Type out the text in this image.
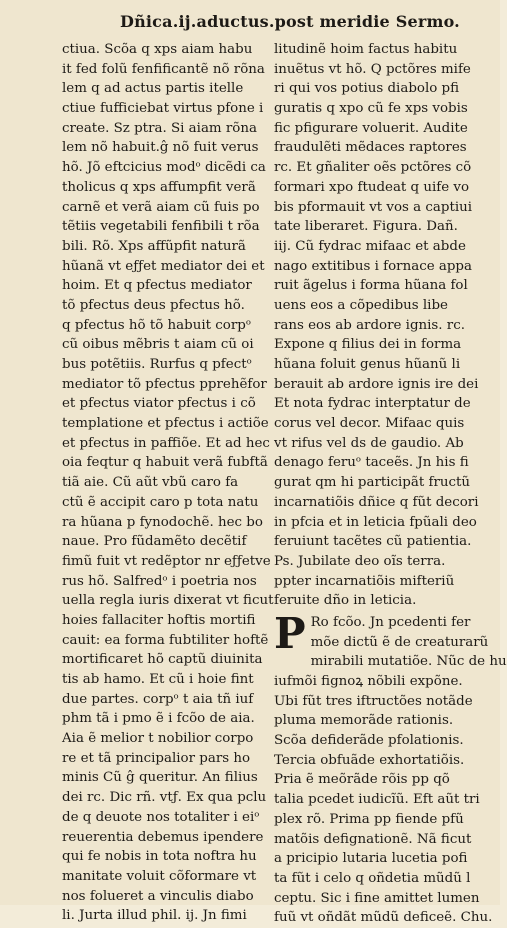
Dñica.ij.aductus.post meridie Sermo.
ctiua. Scõa q xps aiam habu
it fed folũ fenfificantẽ nõ rõna
lem q ad actus partis itelle
ctiue fufficiebat virtus pfone i
create. Sz ptra. Si aiam rõna
lem nõ habuit.ĝ nõ fuit verus
hõ. Jõ eftcicius modᵒ dicẽdi ca
tholicus q xps affumpfit verã
carnẽ et verã aiam cũ fuis po
tẽtiis vegetabili fenfibili t rõa
bili. Rõ. Xps affũpfit naturã
hũanã vt eƒƒet mediator dei et
hoim. Et q pfectus mediator
tõ pfectus deus pfectus hõ.
q pfectus hõ tõ habuit corpᵒ
cũ oibus mẽbris t aiam cũ oi
bus potẽtiis. Rurfus q pfectᵒ
mediator tõ pfectus pprehẽfor
et pfectus viator pfectus i cõ
templatione et pfectus i actiõe
et pfectus in paffiõe. Et ad hec
oia feqtur q habuit verã fubftã
tiã aie. Cũ aũt vbũ caro fa
ctũ ẽ accipit caro p tota natu
ra hũana p fynodochẽ. hec bo
naue. Pro fũdamẽto decẽtif
fimũ fuit vt redẽptor nr eƒƒetve
rus hõ. Salfredᵒ i poetria nos
uella regla iuris dixerat vt ficut
hoies fallaciter hoftis mortifi
cauit: ea forma fubtiliter hoftẽ
mortificaret hõ captũ diuinita
tis ab hamo. Et cũ i hoie fint
due partes. corpᵒ t aia tñ iuf
phm tã i pmo ẽ i fcõo de aia.
Aia ẽ melior t nobilior corpo
re et tã principalior pars ho
minis Cũ ĝ queritur. An filius
dei rc. Dic rñ. vtƒ. Ex qua pclu
de q deuote nos totaliter i eiᵒ
reuerentia debemus ipendere
qui fe nobis in tota noftra hu
manitate voluit cõformare vt
nos folueret a vinculis diabo
li. Jurta illud phil. ij. Jn fimi
litudinẽ hoim factus habitu
inuẽtus vt hõ. Q pctõres mife
ri qui vos potius diabolo pfi
guratis q xpo cũ fe xps vobis
fic pfigurare voluerit. Audite
fraudulẽti mẽdaces raptores
rc. Et gñaliter oẽs pctõres cõ
formari xpo ftudeat q uife vo
bis pformauit vt vos a captiui
tate liberaret. Figura. Dañ.
iij. Cũ fydrac mifaac et abde
nago extitibus i fornace appa
ruit ãgelus i forma hũana fol
uens eos a cõpedibus libe
rans eos ab ardore ignis. rc.
Expone q filius dei in forma
hũana foluit genus hũanũ li
berauit ab ardore ignis ire dei
Et nota fydrac interptatur de
corus vel decor. Mifaac quis
vt rifus vel ds de gaudio. Ab
denago feruᵒ taceẽs. Jn his fi
gurat qm hi participãt fructũ
incarnatiõis dñice q fũt decori
in pfcia et in leticia fpũali deo
feruiunt tacẽtes cũ patientia.
Ps. Jubilate deo oĩs terra.
ppter incarnatiõis mifteriũ
feruite dño in leticia.
P Ro fcõo. Jn pcedenti fer
mõe dictũ ẽ de creaturarũ
mirabili mutatiõe. Nũc de hu
iufmõi fignoꝝ nõbili expõne.
Ubi fũt tres iftructões notãde
pluma memorãde rationis.
Scõa defiderãde pfolationis.
Tercia obfuãde exhortatiõis.
Pria ẽ meõrãde rõis pp qõ
talia pcedet iudicĩũ. Eft aũt tri
plex rõ. Prima pp fiende pfũ
matõis defignationẽ. Nã ficut
a pricipio lutaria lucetia pofi
ta fũt i celo q oñdetia mũdũ l
ceptu. Sic i fine amittet lumen
fuũ vt oñdãt mũdũ deficeẽ. Chu.
